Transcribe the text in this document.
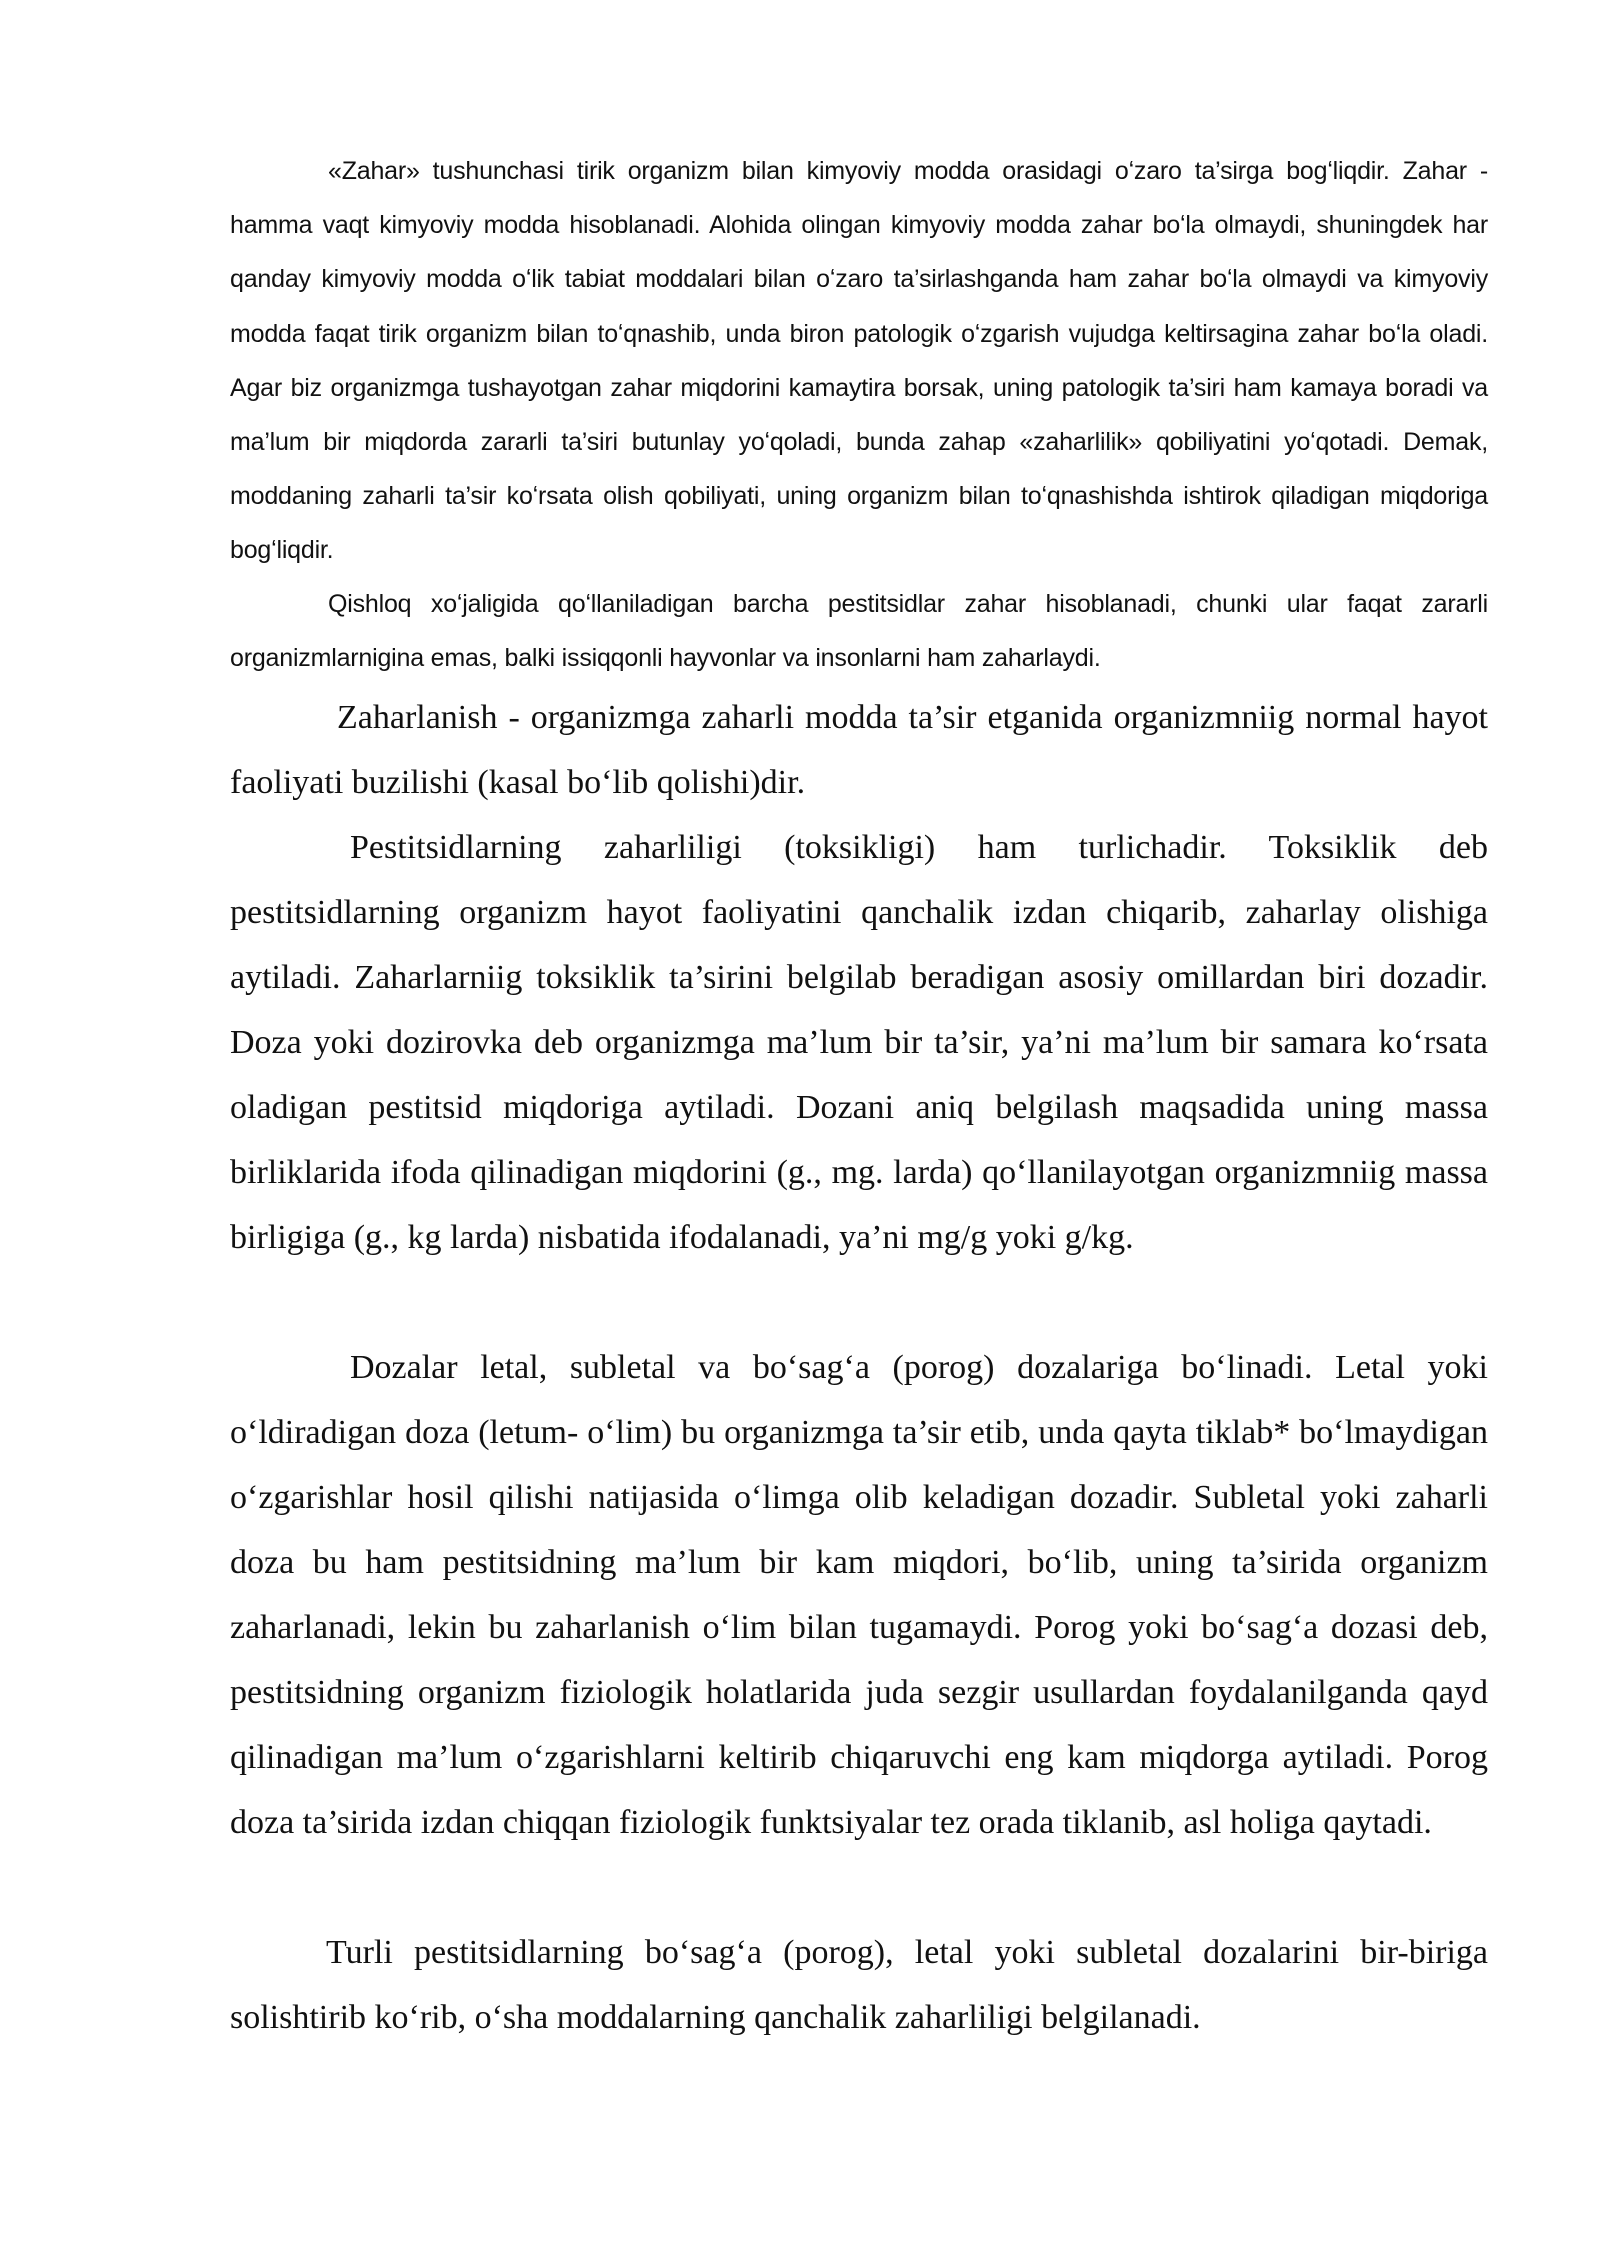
«Zahar» tushunchasi tirik organizm bilan kimyoviy modda orasidagi oʻzaro ta’sirga bogʻliqdir. Zahar - hamma vaqt kimyoviy modda hisoblanadi. Alohida olingan kimyoviy modda zahar boʻla olmaydi, shuningdek har qanday kimyoviy modda oʻlik tabiat moddalari bilan oʻzaro ta’sirlashganda ham zahar boʻla olmaydi va kimyoviy modda faqat tirik organizm bilan toʻqnashib, unda biron patologik oʻzgarish vujudga keltirsagina zahar boʻla oladi. Agar biz organizmga tushayotgan zahar miqdorini kamaytira borsak, uning patologik ta’siri ham kamaya boradi va ma’lum bir miqdorda zararli ta’siri butunlay yoʻqoladi, bunda zahap «zaharlilik» qobiliyatini yoʻqotadi. Demak, moddaning zaharli ta’sir koʻrsata olish qobiliyati, uning organizm bilan toʻqnashishda ishtirok qiladigan miqdoriga bogʻliqdir.

Qishloq xoʻjaligida qoʻllaniladigan barcha pestitsidlar zahar hisoblanadi, chunki ular faqat zararli organizmlarnigina emas, balki issiqqonli hayvonlar va insonlarni ham zaharlaydi.

Zaharlanish - organizmga zaharli modda ta’sir etganida organizmniig normal hayot faoliyati buzilishi (kasal bo‘lib qolishi)dir.

Pestitsidlarning zaharliligi (toksikligi) ham turlichadir. Toksiklik deb pestitsidlarning organizm hayot faoliyatini qanchalik izdan chiqarib, zaharlay olishiga aytiladi. Zaharlarniig toksiklik ta’sirini belgilab beradigan asosiy omillardan biri dozadir. Doza yoki dozirovka deb organizmga ma’lum bir ta’sir, ya’ni ma’lum bir samara ko‘rsata oladigan pestitsid miqdoriga aytiladi. Dozani aniq belgilash maqsadida uning massa birliklarida ifoda qilinadigan miqdorini (g., mg. larda) qo‘llanilayotgan organizmniig massa birligiga (g., kg larda) nisbatida ifodalanadi, ya’ni mg/g yoki g/kg.

Dozalar letal, subletal va bo‘sag‘a (porog) dozalariga bo‘linadi. Letal yoki o‘ldiradigan doza (letum- o‘lim) bu organizmga ta’sir etib, unda qayta tiklab* bo‘lmaydigan o‘zgarishlar hosil qilishi natijasida o‘limga olib keladigan dozadir. Subletal yoki zaharli doza bu ham pestitsidning ma’lum bir kam miqdori, bo‘lib, uning ta’sirida organizm zaharlanadi, lekin bu zaharlanish o‘lim bilan tugamaydi. Porog yoki bo‘sag‘a dozasi deb, pestitsidning organizm fiziologik holatlarida juda sezgir usullardan foydalanilganda qayd qilinadigan ma’lum o‘zgarishlarni keltirib chiqaruvchi eng kam miqdorga aytiladi. Porog doza ta’sirida izdan chiqqan fiziologik funktsiyalar tez orada tiklanib, asl holiga qaytadi.

Turli pestitsidlarning bo‘sag‘a (porog), letal yoki subletal dozalarini bir-biriga solishtirib ko‘rib, o‘sha moddalarning qanchalik zaharliligi belgilanadi.
